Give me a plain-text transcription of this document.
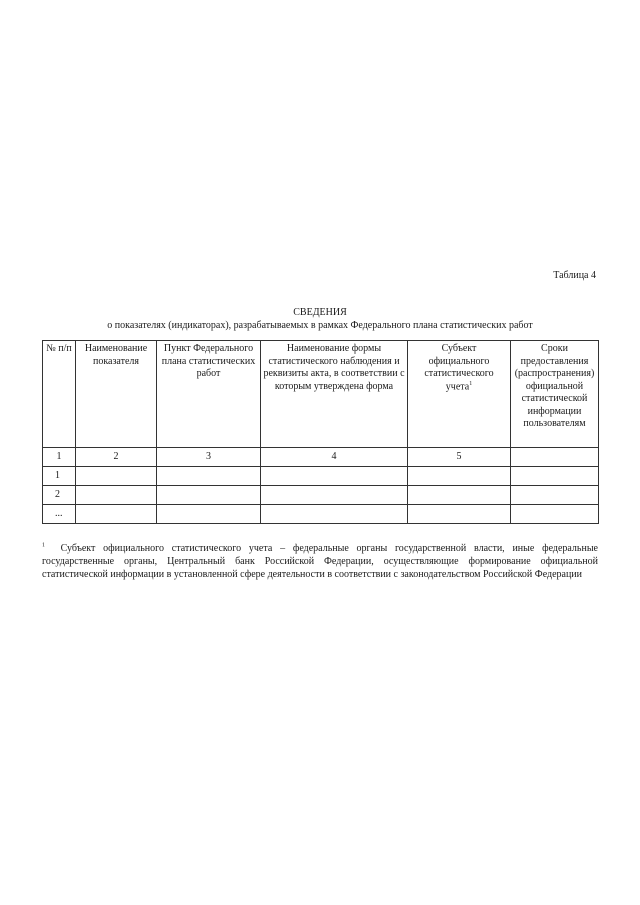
Таблица 4
СВЕДЕНИЯ
о показателях (индикаторах), разрабатываемых в рамках Федерального плана статистических работ
№ п/п	Наименование показателя	Пункт Федерального плана статистических работ	Наименование формы статистического наблюдения и реквизиты акта, в соответствии с которым утверждена форма	Субъект официального статистического учета$^1$	Сроки предоставления (распространения) официальной статистической информации пользователям
1	2	3	4	5	
1					
2					
...					
$^1$ Субъект официального статистического учета – федеральные органы государственной власти, иные федеральные государственные органы, Центральный банк Российской Федерации, осуществляющие формирование официальной статистической информации в установленной сфере деятельности в соответствии с законодательством Российской Федерации
